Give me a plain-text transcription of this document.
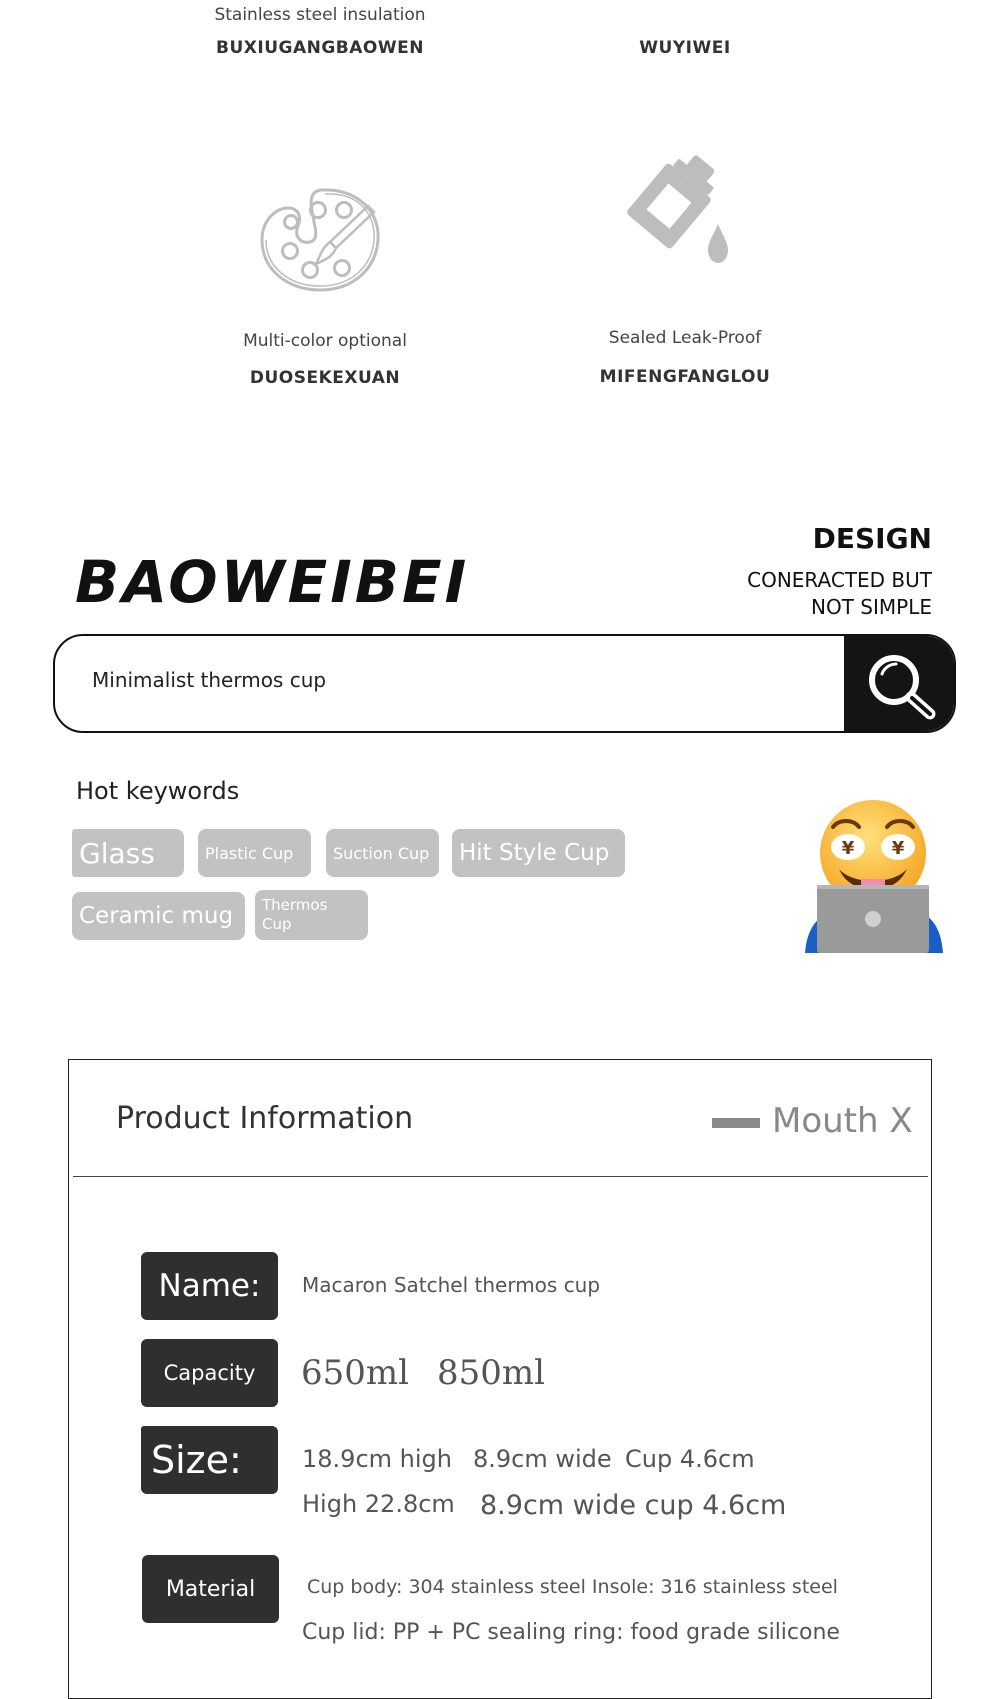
Stainless steel insulation
BUXIUGANGBAOWEN	WUYIWEI
Multi-color optional
DUOSEKEXUAN
Sealed Leak-Proof
MIFENGFANGLOU
BAOWEIBEI
DESIGN
CONERACTED BUT
NOT SIMPLE
Minimalist thermos cup
Hot keywords
Glass	Plastic Cup Suction Cup Hit Style Cup
Ceramic mug Thermos
Cup
¥ ¥
Product Information	Mouth X
Name: Macaron Satchel thermos cup
Capacity 650ml 850ml
Size:	18.9cm high 8.9cm wide Cup 4.6cm
High 22.8cm 8.9cm wide cup 4.6cm
Material	Cup body: 304 stainless steel Insole: 316 stainless steel
Cup lid: PP + PC sealing ring: food grade silicone
